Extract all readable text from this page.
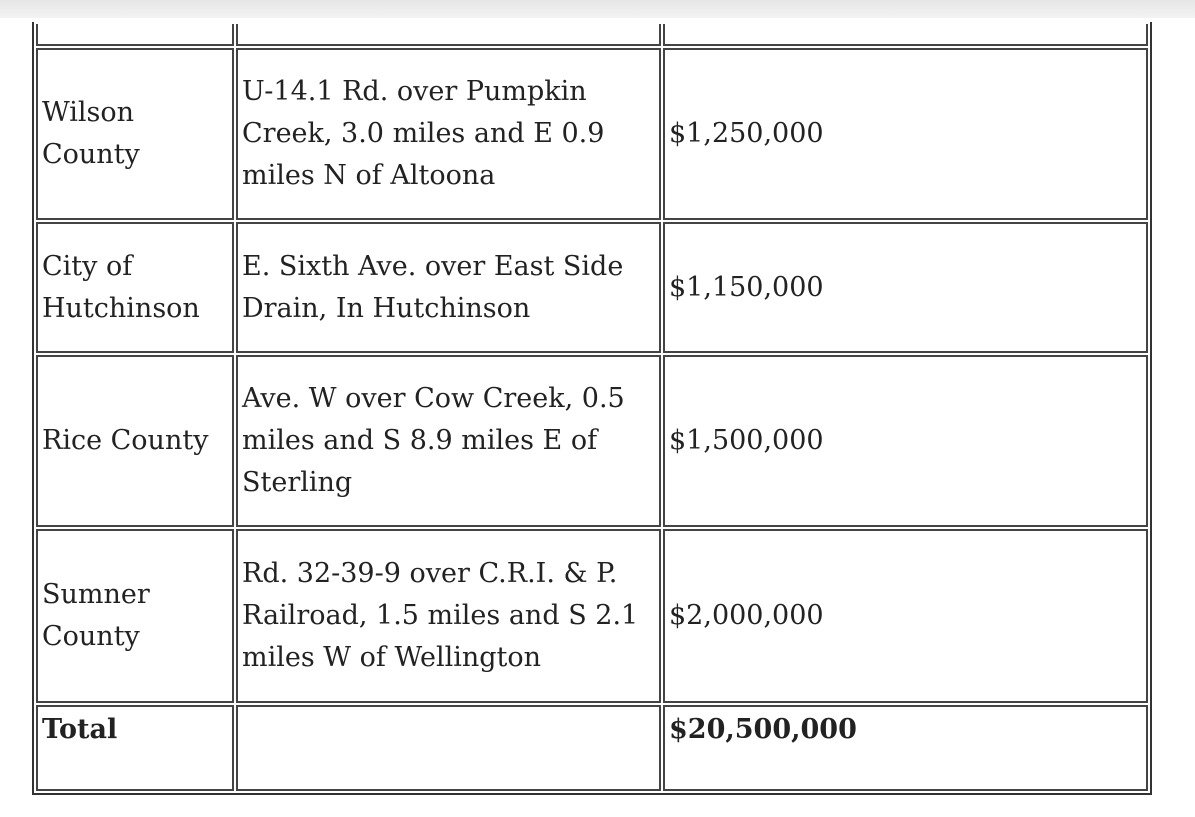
Wilson County	U-14.1 Rd. over Pumpkin Creek, 3.0 miles and E 0.9 miles N of Altoona	$1,250,000
City of Hutchinson	E. Sixth Ave. over East Side Drain, In Hutchinson	$1,150,000
Rice County	Ave. W over Cow Creek, 0.5 miles and S 8.9 miles E of Sterling	$1,500,000
Sumner County	Rd. 32-39-9 over C.R.I. & P. Railroad, 1.5 miles and S 2.1 miles W of Wellington	$2,000,000

Total		$20,500,000
